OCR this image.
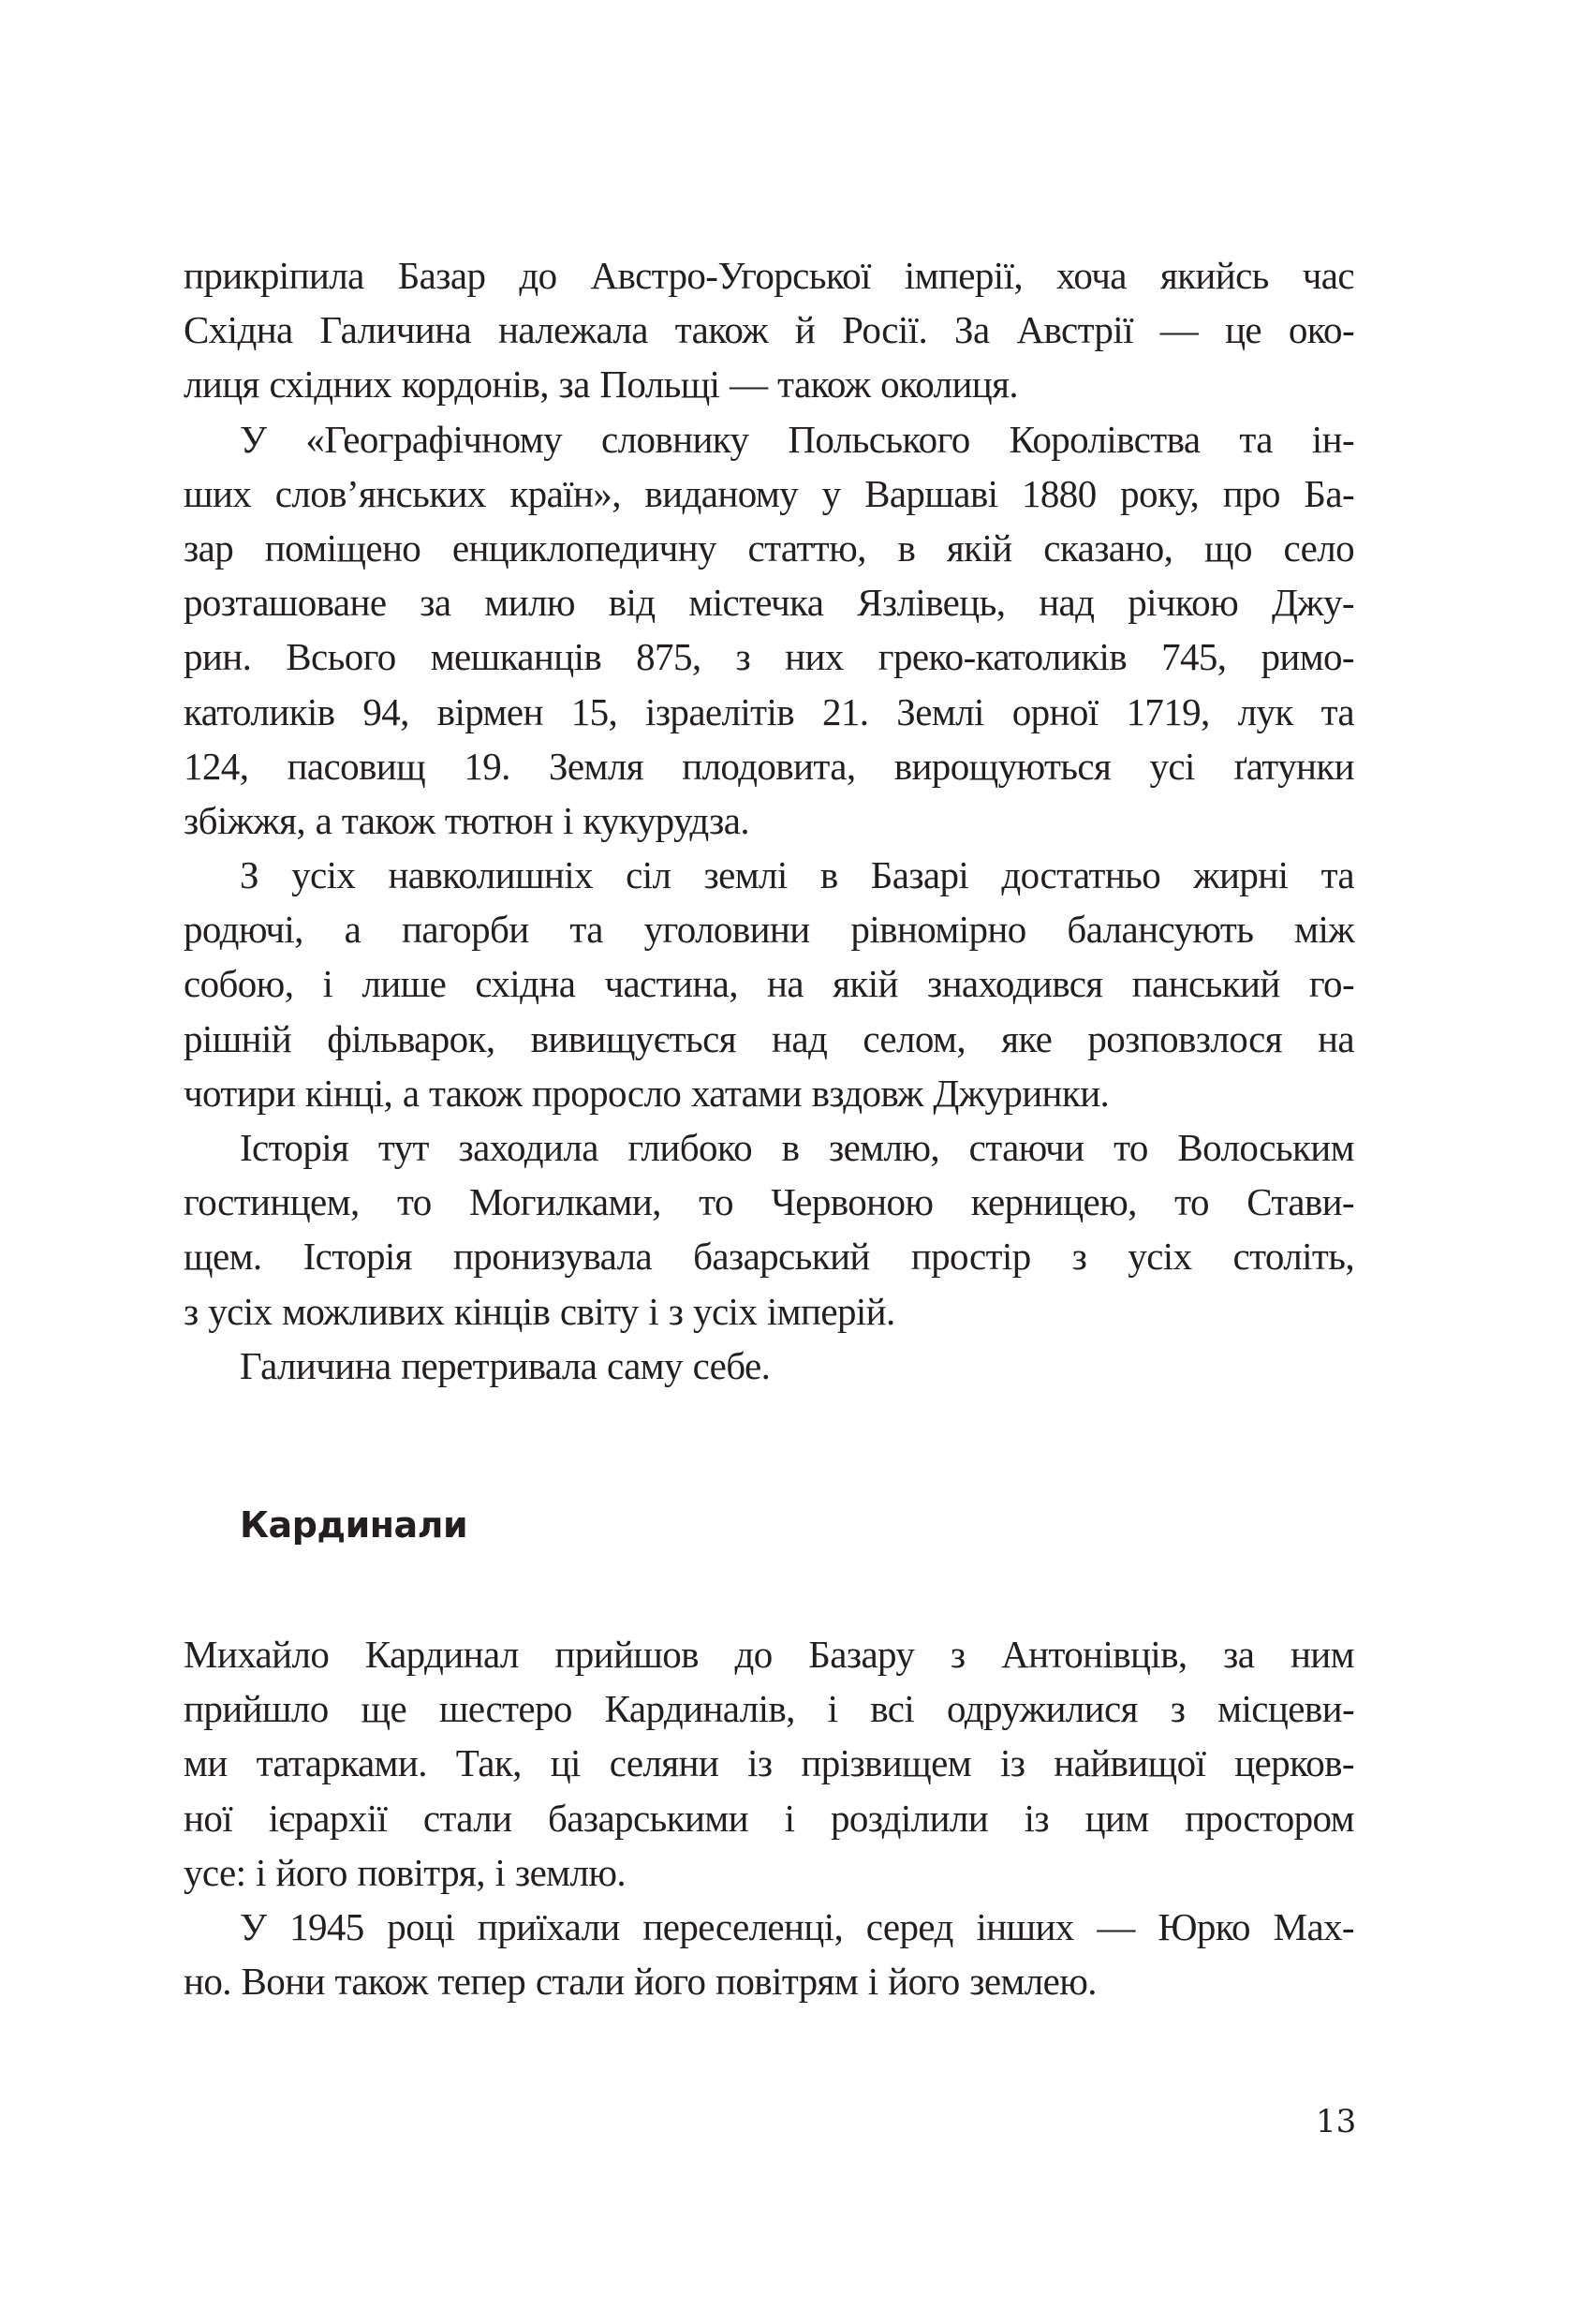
прикріпила Базар до Австро-Угорської імперії, хоча якийсь час
Східна Галичина належала також й Росії. За Австрії — це око-
лиця східних кордонів, за Польщі — також околиця.
У «Географічному словнику Польського Королівства та ін-
ших слов’янських країн», виданому у Варшаві 1880 року, про Ба-
зар поміщено енциклопедичну статтю, в якій сказано, що село
розташоване за милю від містечка Язлівець, над річкою Джу-
рин. Всього мешканців 875, з них греко-католиків 745, римо-
католиків 94, вірмен 15, ізраелітів 21. Землі орної 1719, лук та
124, пасовищ 19. Земля плодовита, вирощуються усі ґатунки
збіжжя, а також тютюн і кукурудза.
З усіх навколишніх сіл землі в Базарі достатньо жирні та
родючі, а пагорби та уголовини рівномірно балансують між
собою, і лише східна частина, на якій знаходився панський го-
рішній фільварок, вивищується над селом, яке розповзлося на
чотири кінці, а також проросло хатами вздовж Джуринки.
Історія тут заходила глибоко в землю, стаючи то Волоським
гостинцем, то Могилками, то Червоною керницею, то Стави-
щем. Історія пронизувала базарський простір з усіх століть,
з усіх можливих кінців світу і з усіх імперій.
Галичина перетривала саму себе.
Кардинали
Михайло Кардинал прийшов до Базару з Антонівців, за ним
прийшло ще шестеро Кардиналів, і всі одружилися з місцеви-
ми татарками. Так, ці селяни із прізвищем із найвищої церков-
ної ієрархії стали базарськими і розділили із цим простором
усе: і його повітря, і землю.
У 1945 році приїхали переселенці, серед інших — Юрко Мах-
но. Вони також тепер стали його повітрям і його землею.
13
